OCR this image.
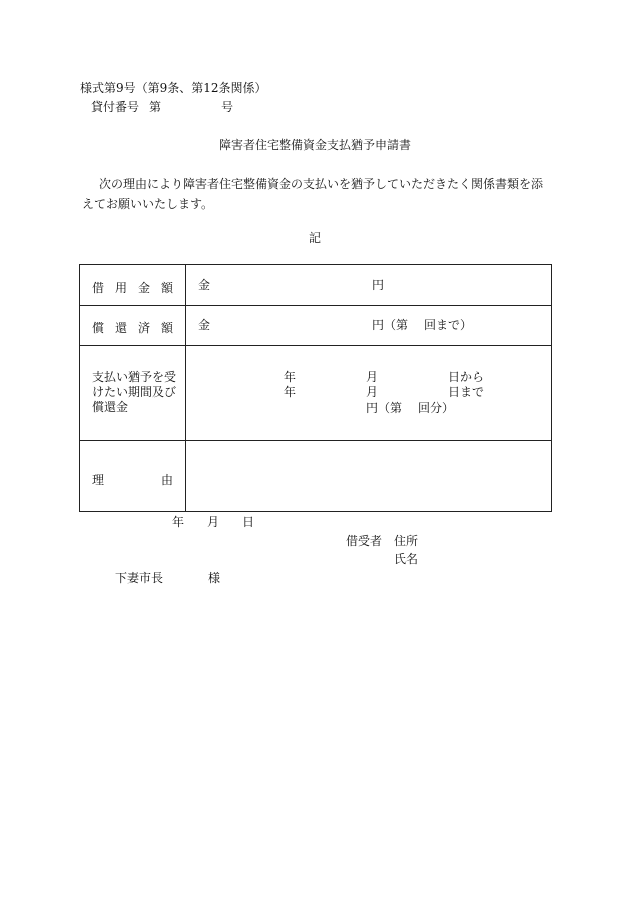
様式第9号（第9条、第12条関係）
貸付番号 第	号
障害者住宅整備資金支払猶予申請書
次の理由により障害者住宅整備資金の支払いを猶予していただきたく関係書類を添えてお願いいたします。
記
借 用 金 額 金	円
償 還 済 額 金	円（第 回まで）
支払い猶予を受
けたい期間及び
償還金
年	月	日から
年	月	日まで
円（第 回分）
理	由
年 月 日
借受者 住所
氏名
下妻市長	様
